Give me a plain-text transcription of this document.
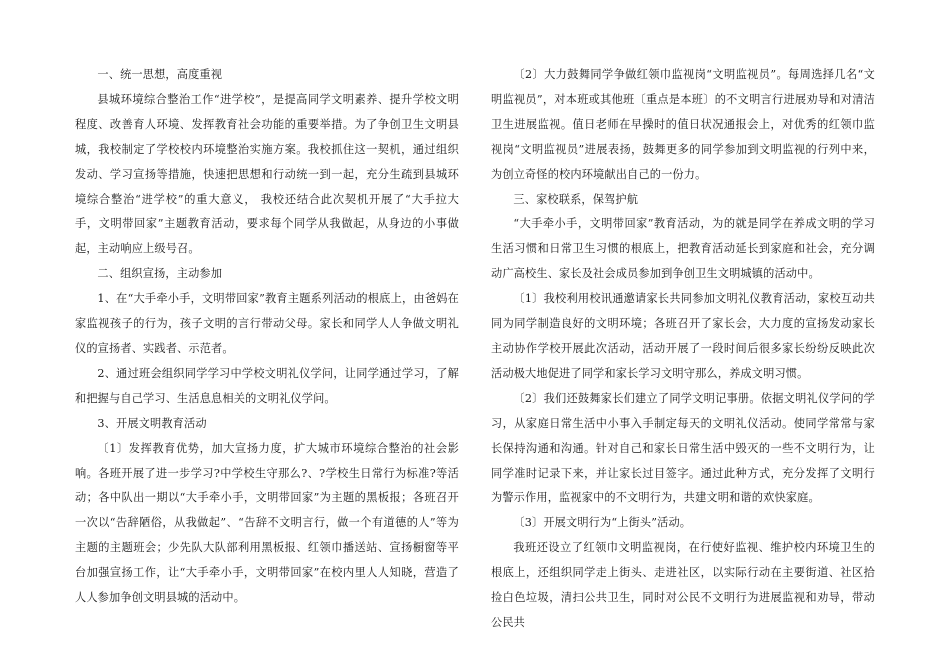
一、统一思想，高度重视

县城环境综合整治工作“进学校”，是提高同学文明素养、提升学校文明程度、改善育人环境、发挥教育社会功能的重要举措。为了争创卫生文明县城，我校制定了学校校内环境整治实施方案。我校抓住这一契机，通过组织发动、学习宣扬等措施，快速把思想和行动统一到一起，充分生疏到县城环境综合整治“进学校”的重大意义， 我校还结合此次契机开展了“大手拉大手，文明带回家”主题教育活动，要求每个同学从我做起，从身边的小事做起，主动响应上级号召。

二、组织宣扬，主动参加

1、在“大手牵小手，文明带回家”教育主题系列活动的根底上，由爸妈在家监视孩子的行为，孩子文明的言行带动父母。家长和同学人人争做文明礼仪的宣扬者、实践者、示范者。

2、通过班会组织同学学习中学校文明礼仪学问，让同学通过学习，了解和把握与自己学习、生活息息相关的文明礼仪学问。

3、开展文明教育活动

〔1〕发挥教育优势，加大宣扬力度，扩大城市环境综合整治的社会影响。各班开展了进一步学习?中学校生守那么?、?学校生日常行为标准?等活动；各中队出一期以“大手牵小手，文明带回家”为主题的黑板报；各班召开一次以“告辞陋俗，从我做起”、“告辞不文明言行，做一个有道德的人”等为主题的主题班会；少先队大队部利用黑板报、红领巾播送站、宣扬橱窗等平台加强宣扬工作，让“大手牵小手，文明带回家”在校内里人人知晓，营造了人人参加争创文明县城的活动中。

〔2〕大力鼓舞同学争做红领巾监视岗“文明监视员”。每周选择几名“文明监视员”，对本班或其他班〔重点是本班〕的不文明言行进展劝导和对清洁卫生进展监视。值日老师在早操时的值日状况通报会上，对优秀的红领巾监视岗“文明监视员”进展表扬，鼓舞更多的同学参加到文明监视的行列中来，为创立奇怪的校内环境献出自己的一份力。

三、家校联系，保驾护航

“大手牵小手，文明带回家”教育活动，为的就是同学在养成文明的学习生活习惯和日常卫生习惯的根底上，把教育活动延长到家庭和社会，充分调动广高校生、家长及社会成员参加到争创卫生文明城镇的活动中。

〔1〕我校利用校讯通邀请家长共同参加文明礼仪教育活动，家校互动共同为同学制造良好的文明环境；各班召开了家长会，大力度的宣扬发动家长主动协作学校开展此次活动，活动开展了一段时间后很多家长纷纷反映此次活动极大地促进了同学和家长学习文明守那么，养成文明习惯。

〔2〕我们还鼓舞家长们建立了同学文明记事册。依据文明礼仪学问的学习，从家庭日常生活中小事入手制定每天的文明礼仪活动。使同学常常与家长保持沟通和沟通。针对自己和家长日常生活中毁灭的一些不文明行为，让同学准时记录下来，并让家长过目签字。通过此种方式，充分发挥了文明行为警示作用，监视家中的不文明行为，共建文明和谐的欢快家庭。

〔3〕开展文明行为“上街头”活动。

我班还设立了红领巾文明监视岗，在行使好监视、维护校内环境卫生的根底上，还组织同学走上街头、走进社区，以实际行动在主要街道、社区拾捡白色垃圾，清扫公共卫生，同时对公民不文明行为进展监视和劝导，带动公民共
